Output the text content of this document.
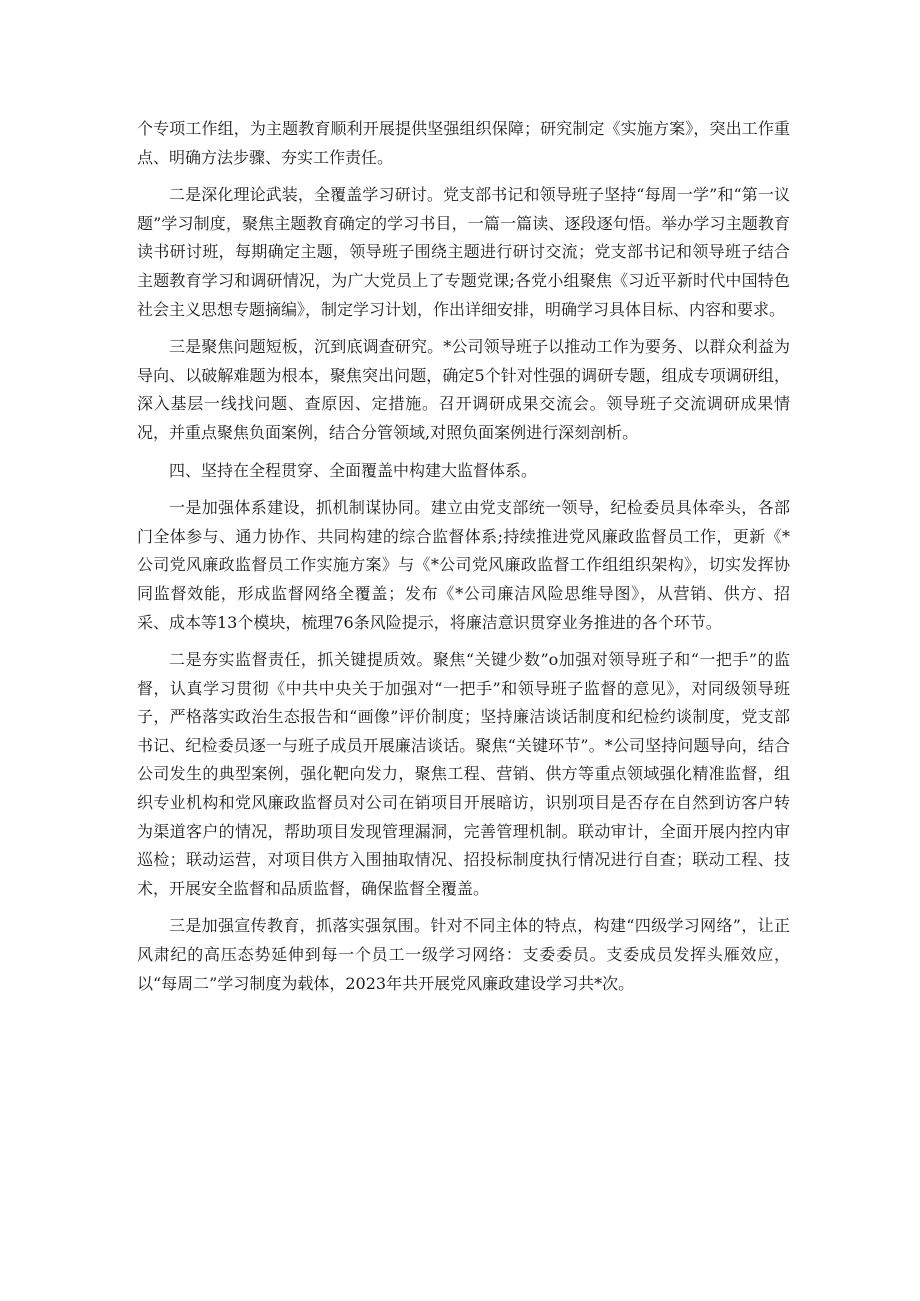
个专项工作组，为主题教育顺利开展提供坚强组织保障；研究制定《实施方案》，突出工作重点、明确方法步骤、夯实工作责任。

二是深化理论武装，全覆盖学习研讨。党支部书记和领导班子坚持“每周一学”和“第一议题”学习制度，聚焦主题教育确定的学习书目，一篇一篇读、逐段逐句悟。举办学习主题教育读书研讨班，每期确定主题，领导班子围绕主题进行研讨交流；党支部书记和领导班子结合主题教育学习和调研情况，为广大党员上了专题党课;各党小组聚焦《习近平新时代中国特色社会主义思想专题摘编》，制定学习计划，作出详细安排，明确学习具体目标、内容和要求。

三是聚焦问题短板，沉到底调查研究。*公司领导班子以推动工作为要务、以群众利益为导向、以破解难题为根本，聚焦突出问题，确定5个针对性强的调研专题，组成专项调研组，深入基层一线找问题、查原因、定措施。召开调研成果交流会。领导班子交流调研成果情况，并重点聚焦负面案例，结合分管领域,对照负面案例进行深刻剖析。

四、坚持在全程贯穿、全面覆盖中构建大监督体系。

一是加强体系建设，抓机制谋协同。建立由党支部统一领导，纪检委员具体牵头，各部门全体参与、通力协作、共同构建的综合监督体系;持续推进党风廉政监督员工作，更新《*公司党风廉政监督员工作实施方案》与《*公司党风廉政监督工作组组织架构》，切实发挥协同监督效能，形成监督网络全覆盖；发布《*公司廉洁风险思维导图》，从营销、供方、招采、成本等13个模块，梳理76条风险提示，将廉洁意识贯穿业务推进的各个环节。

二是夯实监督责任，抓关键提质效。聚焦“关键少数”o加强对领导班子和“一把手”的监督，认真学习贯彻《中共中央关于加强对“一把手”和领导班子监督的意见》，对同级领导班子，严格落实政治生态报告和“画像”评价制度；坚持廉洁谈话制度和纪检约谈制度，党支部书记、纪检委员逐一与班子成员开展廉洁谈话。聚焦“关键环节”。*公司坚持问题导向，结合公司发生的典型案例，强化靶向发力，聚焦工程、营销、供方等重点领域强化精准监督，组织专业机构和党风廉政监督员对公司在销项目开展暗访，识别项目是否存在自然到访客户转为渠道客户的情况，帮助项目发现管理漏洞，完善管理机制。联动审计，全面开展内控内审巡检；联动运营，对项目供方入围抽取情况、招投标制度执行情况进行自查；联动工程、技术，开展安全监督和品质监督，确保监督全覆盖。

三是加强宣传教育，抓落实强氛围。针对不同主体的特点，构建“四级学习网络”，让正风肃纪的高压态势延伸到每一个员工一级学习网络：支委委员。支委成员发挥头雁效应，以“每周二”学习制度为载体，2023年共开展党风廉政建设学习共*次。
